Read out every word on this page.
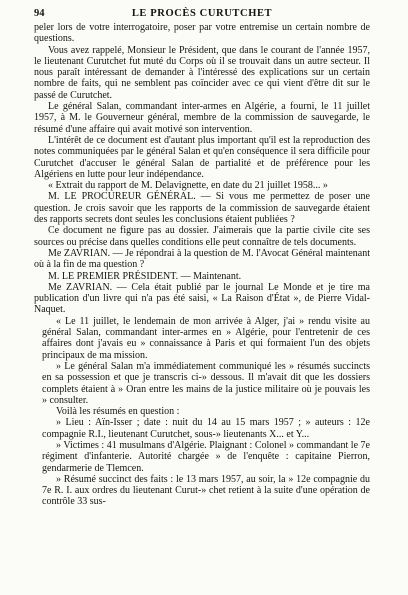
94	LE PROCÈS CURUTCHET

peler lors de votre interrogatoire, poser par votre entremise un certain nombre de questions.

Vous avez rappelé, Monsieur le Président, que dans le courant de l'année 1957, le lieutenant Curutchet fut muté du Corps où il se trouvait dans un autre secteur. Il nous paraît intéressant de demander à l'intéressé des explications sur un certain nombre de faits, qui ne semblent pas coïncider avec ce qui vient d'être dit sur le passé de Curutchet.

Le général Salan, commandant inter-armes en Algérie, a fourni, le 11 juillet 1957, à M. le Gouverneur général, membre de la commission de sauvegarde, le résumé d'une affaire qui avait motivé son intervention.

L'intérêt de ce document est d'autant plus important qu'il est la reproduction des notes communiquées par le général Salan et qu'en conséquence il sera difficile pour Curutchet d'accuser le général Salan de partialité et de préférence pour les Algériens en lutte pour leur indépendance.

« Extrait du rapport de M. Delavignette, en date du 21 juillet 1958... »

M. LE PROCUREUR GÉNÉRAL. — Si vous me permettez de poser une question. Je crois savoir que les rapports de la commission de sauvegarde étaient des rapports secrets dont seules les conclusions étaient publiées ?

Ce document ne figure pas au dossier. J'aimerais que la partie civile cite ses sources ou précise dans quelles conditions elle peut connaître de tels documents.

Me ZAVRIAN. — Je répondrai à la question de M. l'Avocat Général maintenant où à la fin de ma question ?

M. LE PREMIER PRÉSIDENT. — Maintenant.

Me ZAVRIAN. — Cela était publié par le journal Le Monde et je tire ma publication d'un livre qui n'a pas été saisi, « La Raison d'État », de Pierre Vidal-Naquet.

« Le 11 juillet, le lendemain de mon arrivée à Alger, j'ai » rendu visite au général Salan, commandant inter-armes en » Algérie, pour l'entretenir de ces affaires dont j'avais eu » connaissance à Paris et qui formaient l'un des objets principaux de ma mission.

» Le général Salan m'a immédiatement communiqué les » résumés succincts en sa possession et que je transcris ci-» dessous. Il m'avait dit que les dossiers complets étaient à » Oran entre les mains de la justice militaire où je pouvais les » consulter.

Voilà les résumés en question :

» Lieu : Aïn-Isser ; date : nuit du 14 au 15 mars 1957 ; » auteurs : 12e compagnie R.I., lieutenant Curutchet, sous-» lieutenants X... et Y...

» Victimes : 41 musulmans d'Algérie. Plaignant : Colonel » commandant le 7e régiment d'infanterie. Autorité chargée » de l'enquête : capitaine Pierron, gendarmerie de Tlemcen.

» Résumé succinct des faits : le 13 mars 1957, au soir, la » 12e compagnie du 7e R. I. aux ordres du lieutenant Curut-» chet retient à la suite d'une opération de contrôle 33 sus-
